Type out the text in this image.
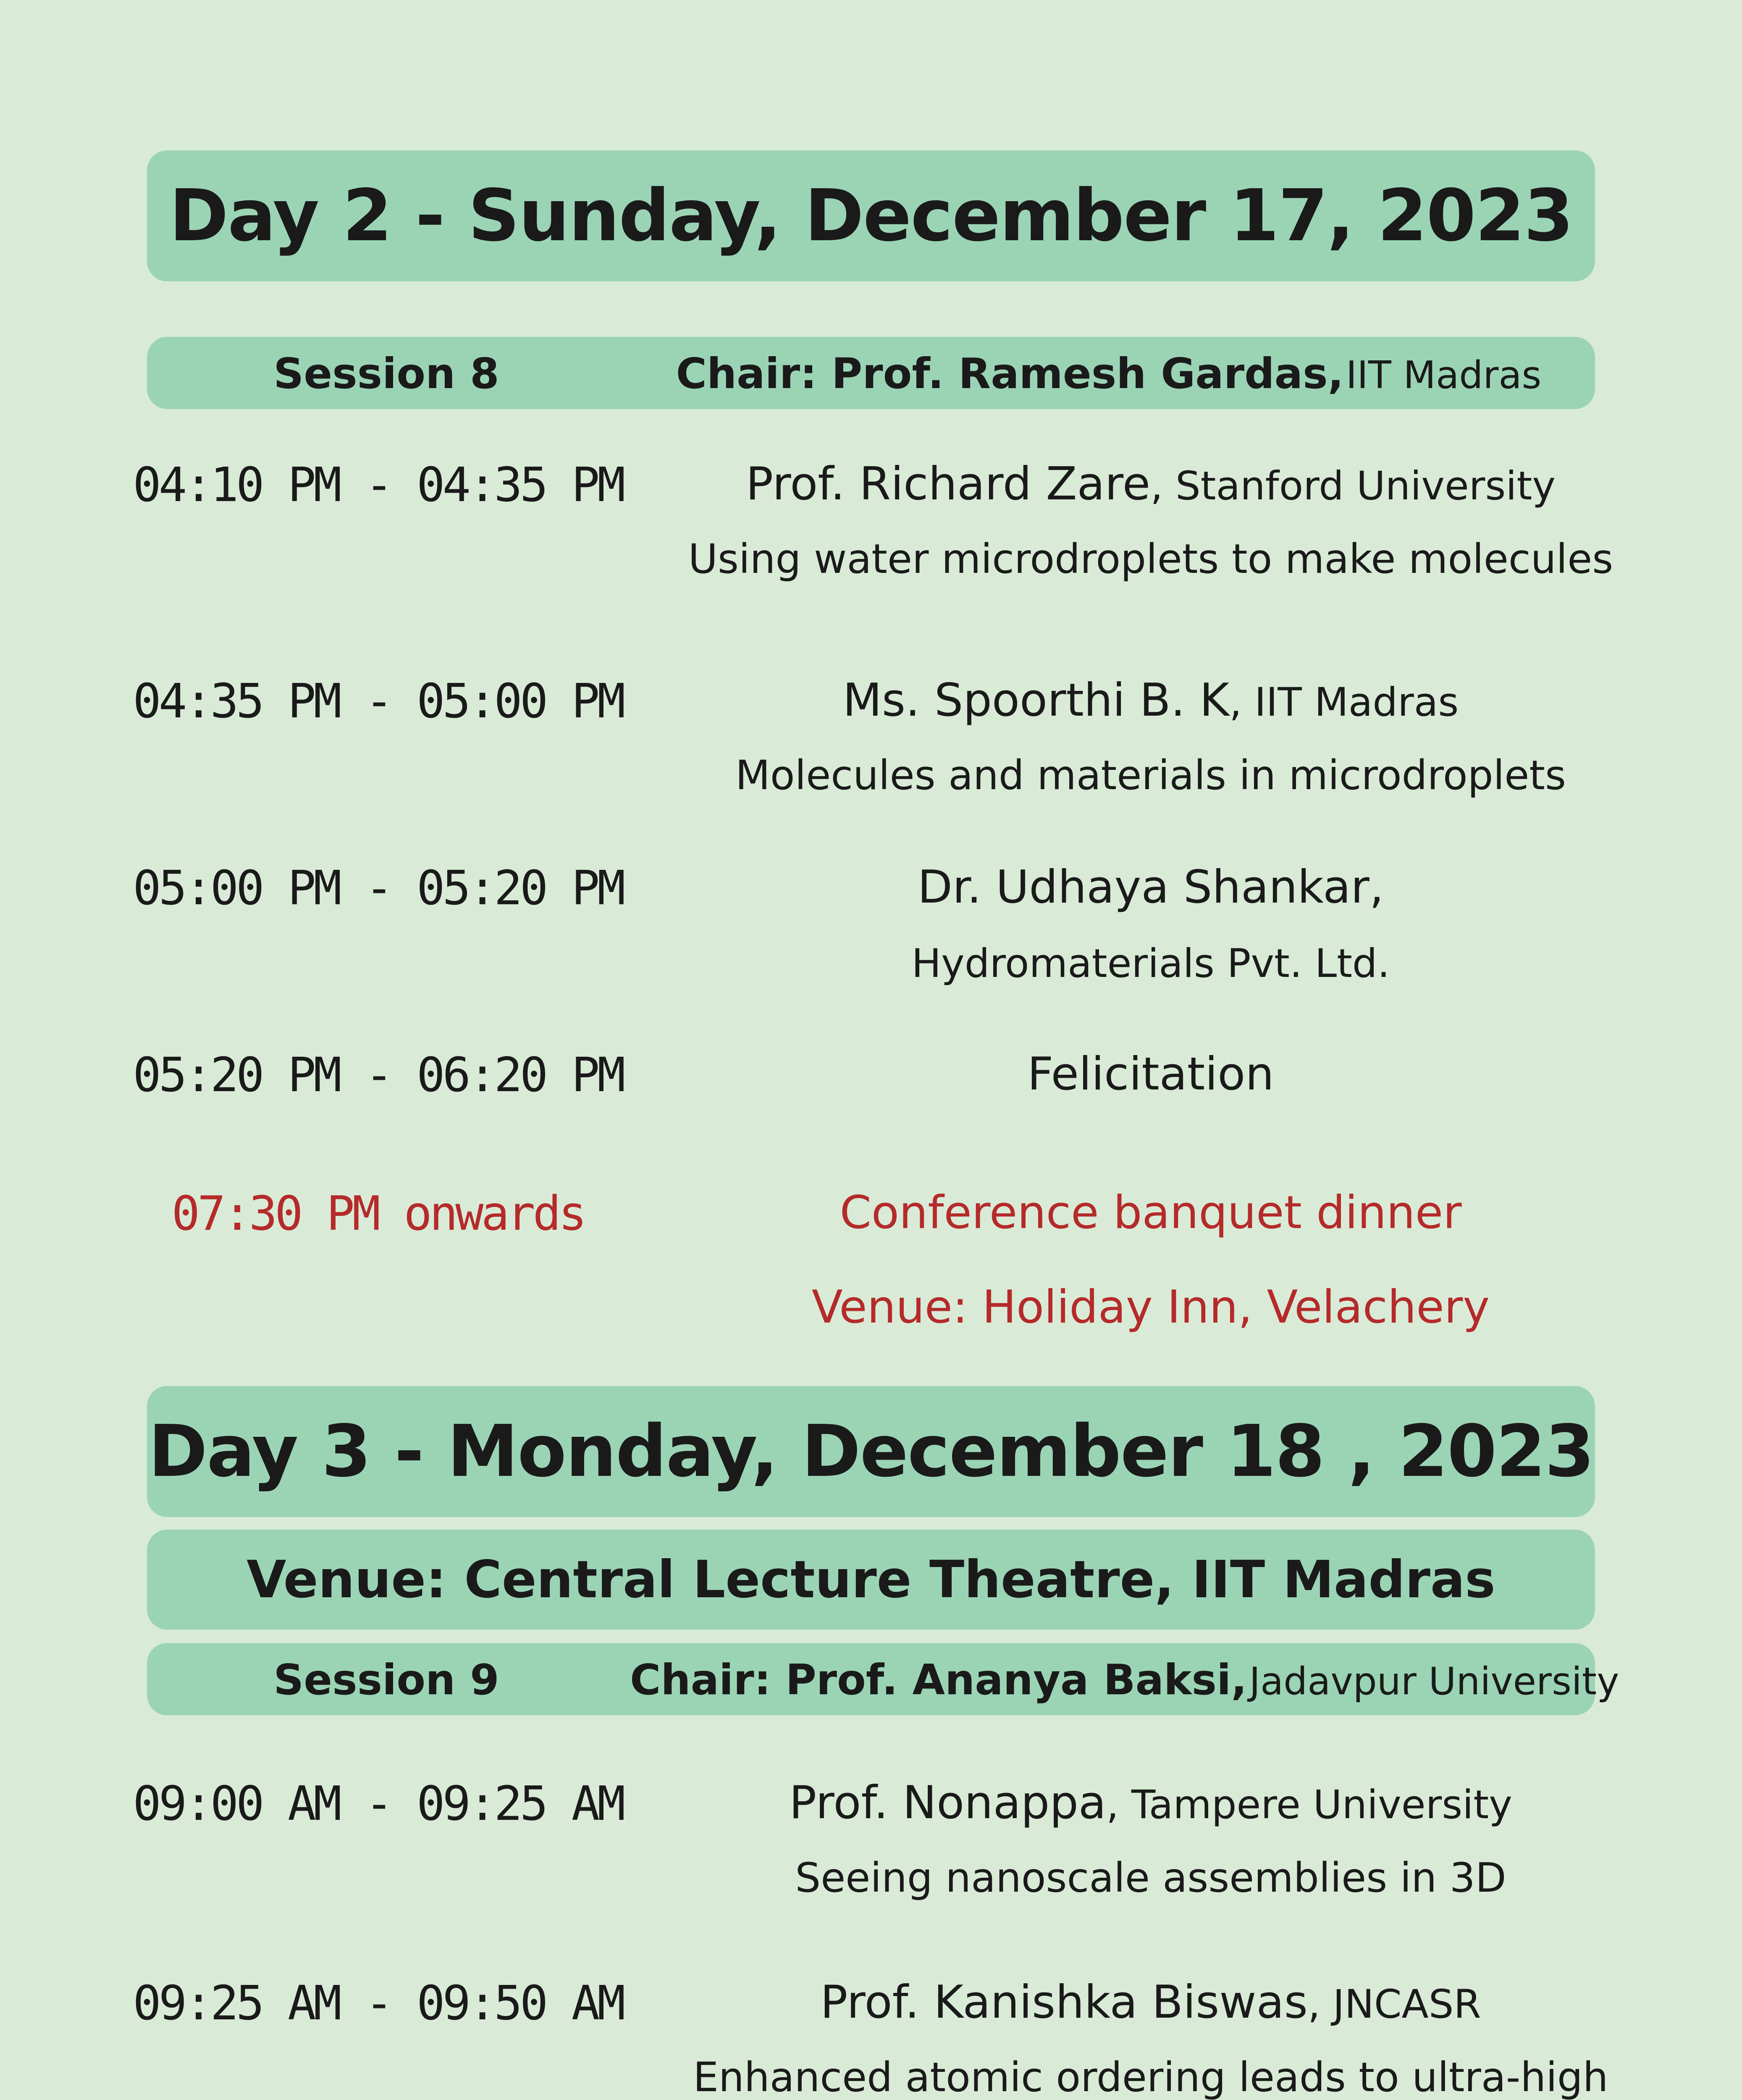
Day 2 - Sunday, December 17, 2023
Session 8	Chair: Prof. Ramesh Gardas, IIT Madras
04:10 PM - 04:35 PM	Prof. Richard Zare, Stanford University
Using water microdroplets to make molecules
04:35 PM - 05:00 PM	Ms. Spoorthi B. K, IIT Madras
Molecules and materials in microdroplets
05:00 PM - 05:20 PM	Dr. Udhaya Shankar,
Hydromaterials Pvt. Ltd.
05:20 PM - 06:20 PM	Felicitation
07:30 PM onwards	Conference banquet dinner
Venue: Holiday Inn, Velachery
Day 3 - Monday, December 18 , 2023
Venue: Central Lecture Theatre, IIT Madras
Session 9	Chair: Prof. Ananya Baksi, Jadavpur University
09:00 AM - 09:25 AM	Prof. Nonappa, Tampere University
Seeing nanoscale assemblies in 3D
09:25 AM - 09:50 AM	Prof. Kanishka Biswas, JNCASR
Enhanced atomic ordering leads to ultra-high
